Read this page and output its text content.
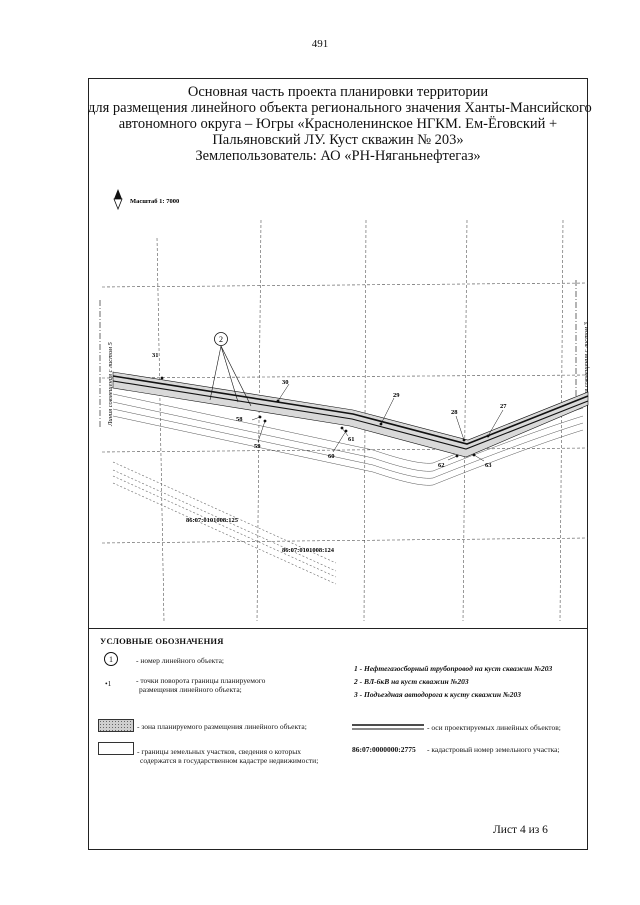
491
Основная часть проекта планировки территории
для размещения линейного объекта регионального значения Ханты-Мансийского
автономного округа – Югры «Красноленинское НГКМ. Ем-Ёговский +
Пальяновский ЛУ. Куст скважин № 203»
Землепользователь: АО «РН-Няганьнефтегаз»
Масштаб 1: 7000
Линия совмещения с листом 5	Линия совмещения с листом 3
2
31
30
29
28
27
58
59
61
60
62	63
86:07:0101008:125
86:07:0101008:124
УСЛОВНЫЕ ОБОЗНАЧЕНИЯ
1	- номер линейного объекта;
•1	- точки поворота границы планируемого
размещения линейного объекта;
1 - Нефтегазосборный трубопровод на куст скважин №203
2 - ВЛ-6кВ на куст скважин №203
3 - Подъездная автодорога к кусту скважин №203
- зона планируемого размещения линейного объекта;	- оси проектируемых линейных объектов;
- границы земельных участков, сведения о которых
содержатся в государственном кадастре недвижимости;
86:07:0000000:2775 - кадастровый номер земельного участка;
Лист 4 из 6
